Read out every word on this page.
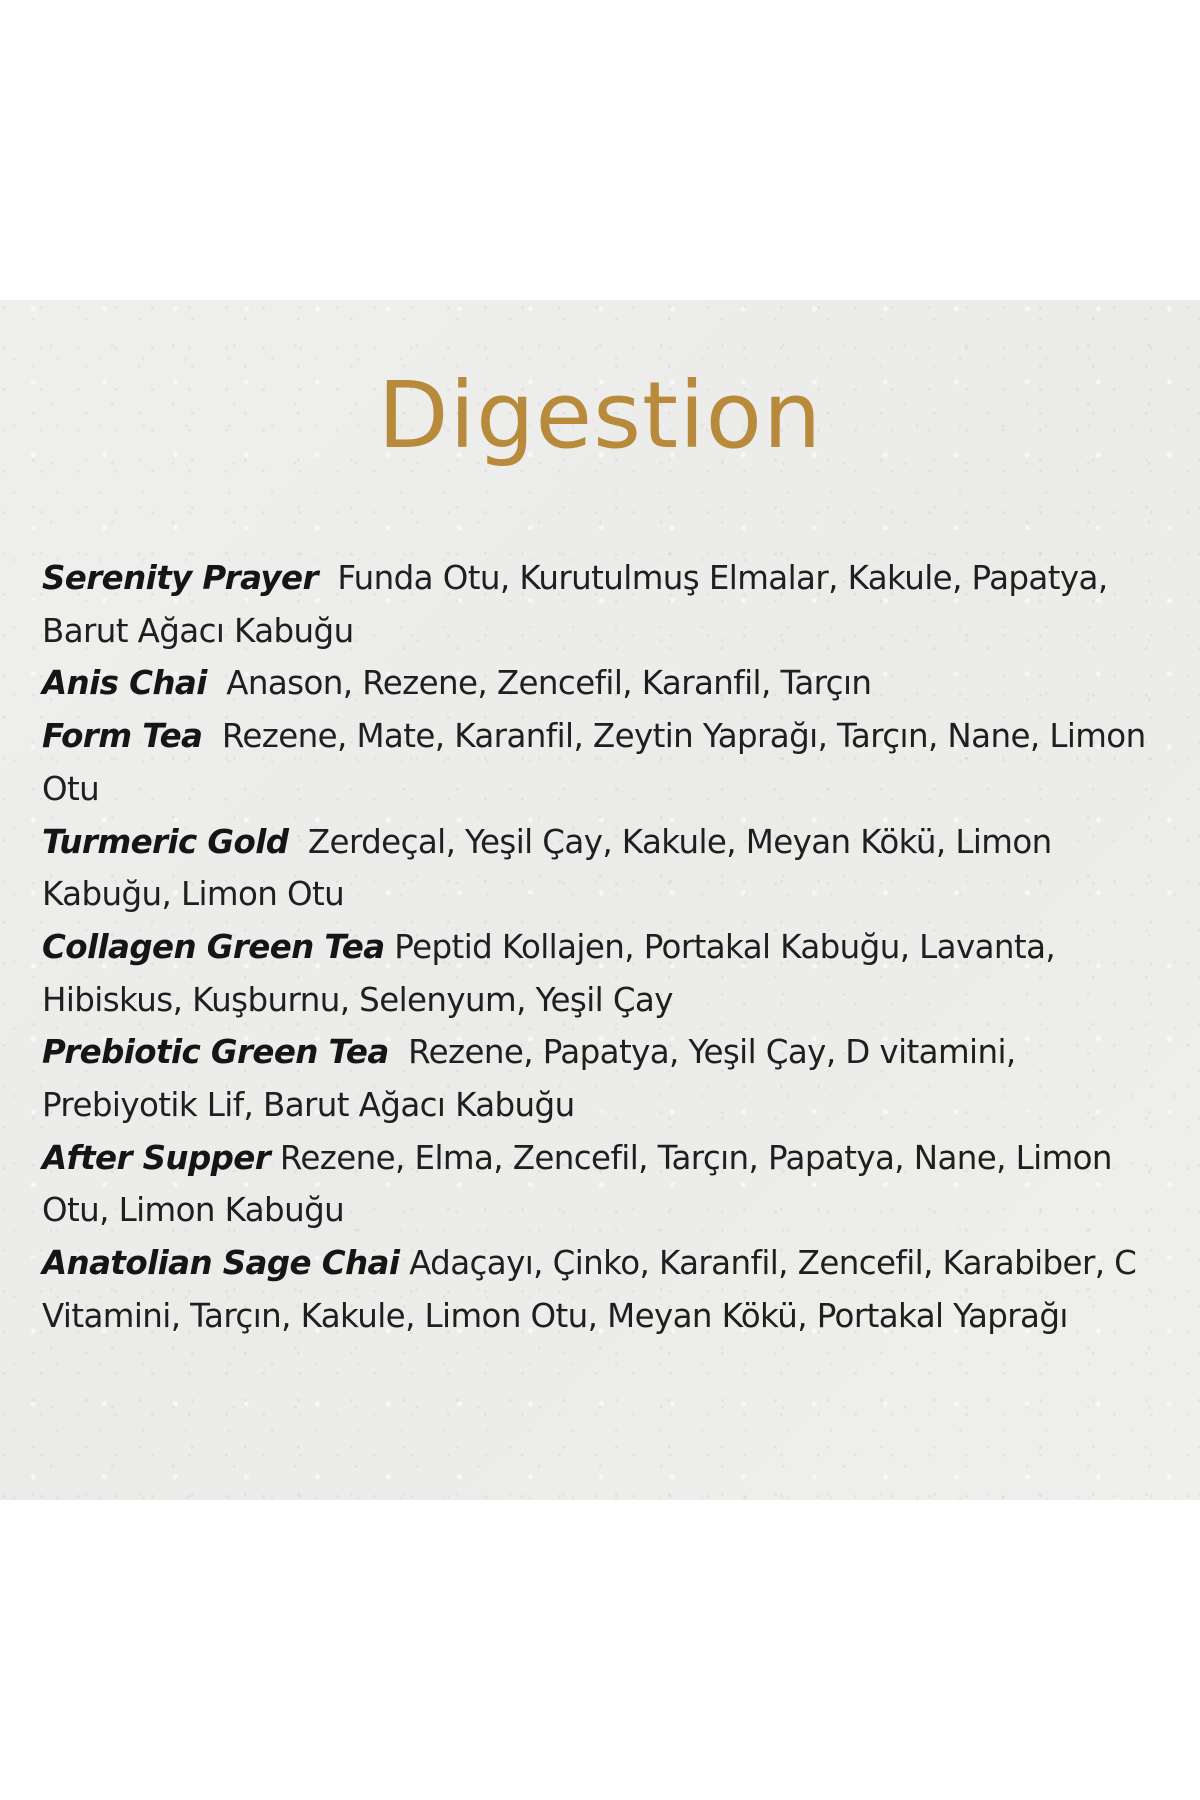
Digestion

Serenity Prayer Funda Otu, Kurutulmuş Elmalar, Kakule, Papatya, Barut Ağacı Kabuğu

Anis Chai Anason, Rezene, Zencefil, Karanfil, Tarçın

Form Tea Rezene, Mate, Karanfil, Zeytin Yaprağı, Tarçın, Nane, Limon Otu

Turmeric Gold Zerdeçal, Yeşil Çay, Kakule, Meyan Kökü, Limon Kabuğu, Limon Otu

Collagen Green Tea Peptid Kollajen, Portakal Kabuğu, Lavanta, Hibiskus, Kuşburnu, Selenyum, Yeşil Çay

Prebiotic Green Tea Rezene, Papatya, Yeşil Çay, D vitamini, Prebiyotik Lif, Barut Ağacı Kabuğu

After Supper Rezene, Elma, Zencefil, Tarçın, Papatya, Nane, Limon Otu, Limon Kabuğu

Anatolian Sage Chai Adaçayı, Çinko, Karanfil, Zencefil, Karabiber, C Vitamini, Tarçın, Kakule, Limon Otu, Meyan Kökü, Portakal Yaprağı
